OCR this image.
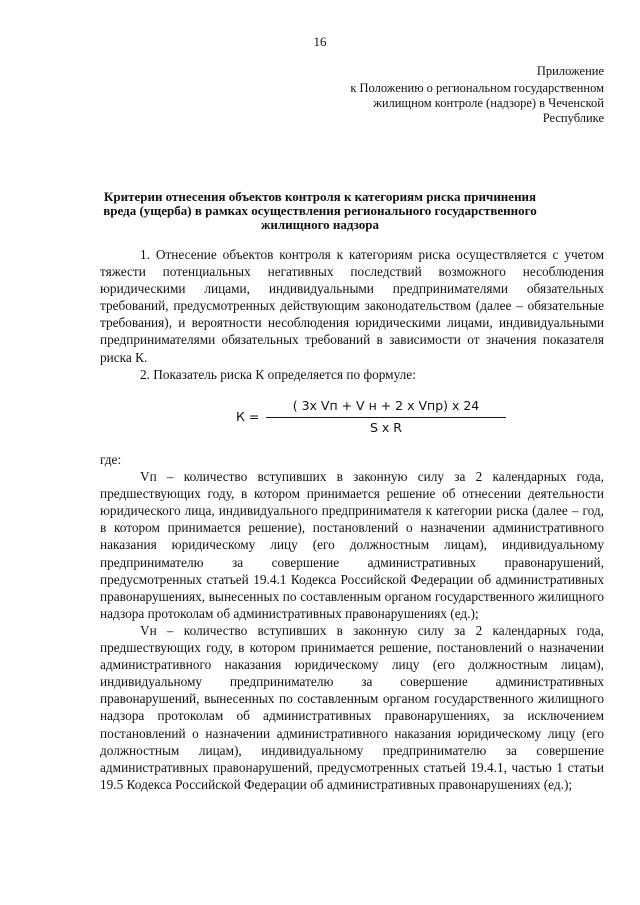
16
Приложение
к Положению о региональном государственном жилищном контроле (надзоре) в Чеченской Республике
Критерии отнесения объектов контроля к категориям риска причинения вреда (ущерба) в рамках осуществления регионального государственного жилищного надзора

1. Отнесение объектов контроля к категориям риска осуществляется с учетом тяжести потенциальных негативных последствий возможного несоблюдения юридическими лицами, индивидуальными предпринимателями обязательных требований, предусмотренных действующим законодательством (далее – обязательные требования), и вероятности несоблюдения юридическими лицами, индивидуальными предпринимателями обязательных требований в зависимости от значения показателя риска К.

2. Показатель риска К определяется по формуле:

К =
( 3х Vп + V н + 2 х Vпр) х 24
S х R

где:

Vп – количество вступивших в законную силу за 2 календарных года, предшествующих году, в котором принимается решение об отнесении деятельности юридического лица, индивидуального предпринимателя к категории риска (далее – год, в котором принимается решение), постановлений о назначении административного наказания юридическому лицу (его должностным лицам), индивидуальному предпринимателю за совершение административных правонарушений, предусмотренных статьей 19.4.1 Кодекса Российской Федерации об административных правонарушениях, вынесенных по составленным органом государственного жилищного надзора протоколам об административных правонарушениях (ед.);

Vн – количество вступивших в законную силу за 2 календарных года, предшествующих году, в котором принимается решение, постановлений о назначении административного наказания юридическому лицу (его должностным лицам), индивидуальному предпринимателю за совершение административных правонарушений, вынесенных по составленным органом государственного жилищного надзора протоколам об административных правонарушениях, за исключением постановлений о назначении административного наказания юридическому лицу (его должностным лицам), индивидуальному предпринимателю за совершение административных правонарушений, предусмотренных статьей 19.4.1, частью 1 статьи 19.5 Кодекса Российской Федерации об административных правонарушениях (ед.);
